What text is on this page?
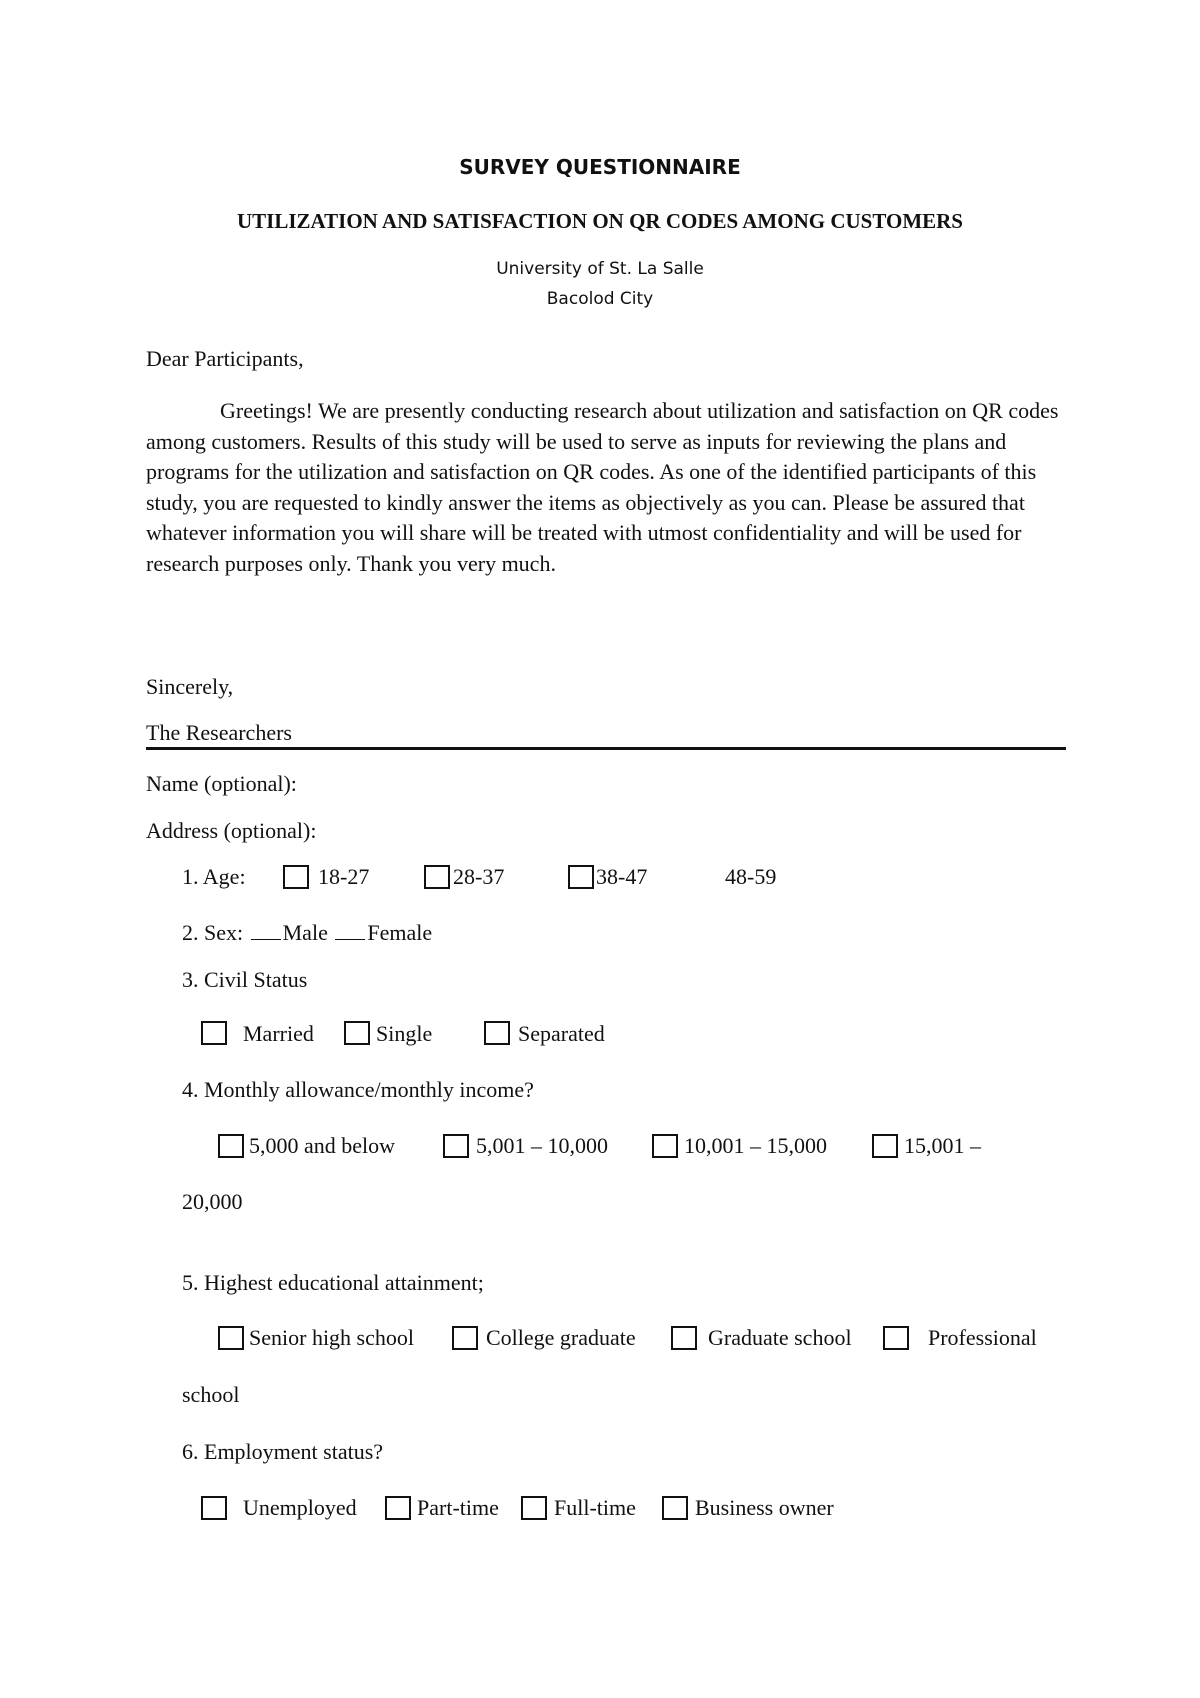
SURVEY QUESTIONNAIRE
UTILIZATION AND SATISFACTION ON QR CODES AMONG CUSTOMERS
University of St. La Salle
Bacolod City
Dear Participants,

Greetings! We are presently conducting research about utilization and satisfaction on QR codes among customers. Results of this study will be used to serve as inputs for reviewing the plans and programs for the utilization and satisfaction on QR codes. As one of the identified participants of this study, you are requested to kindly answer the items as objectively as you can. Please be assured that whatever information you will share will be treated with utmost confidentiality and will be used for research purposes only. Thank you very much.

Sincerely,
The Researchers
Name (optional):
Address (optional):
1. Age:	18-27	28-37	38-47	48-59
2. Sex: Male Female
3. Civil Status
Married	Single	Separated
4. Monthly allowance/monthly income?
5,000 and below	5,001 – 10,000	10,001 – 15,000	15,001 –
20,000
5. Highest educational attainment;
Senior high school	College graduate	Graduate school	Professional
school
6. Employment status?
Unemployed	Part-time	Full-time	Business owner
